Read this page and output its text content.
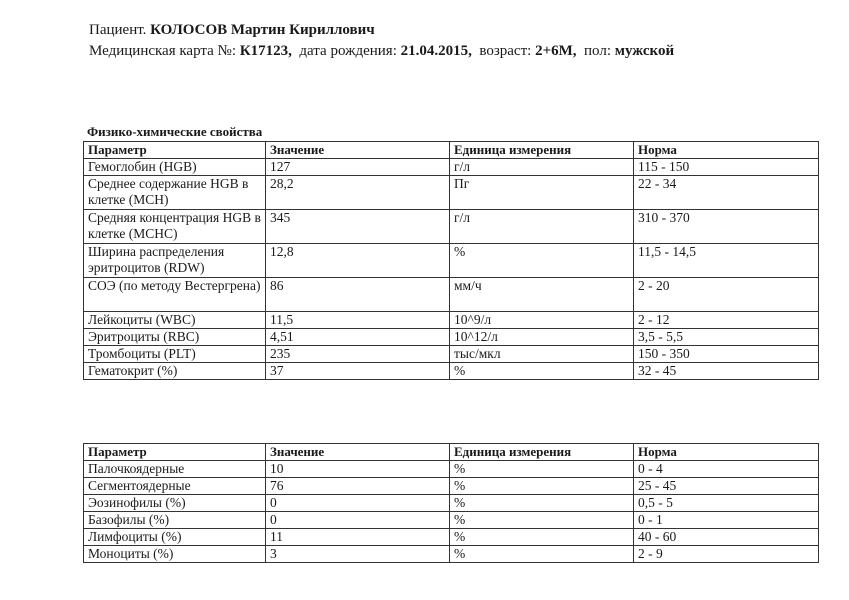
Пациент. КОЛОСОВ Мартин Кириллович
Медицинская карта №: К17123, дата рождения: 21.04.2015, возраст: 2+6М, пол: мужской
Физико-химические свойства
Параметр	Значение	Единица измерения	Норма
Гемоглобин (HGB)	127	г/л	115 - 150
Среднее содержание HGB в клетке (MCH)	28,2	Пг	22 - 34
Средняя концентрация HGB в клетке (MCHC)	345	г/л	310 - 370
Ширина распределения эритроцитов (RDW)	12,8	%	11,5 - 14,5
СОЭ (по методу Вестергрена)	86	мм/ч	2 - 20
Лейкоциты (WBC)	11,5	10^9/л	2 - 12
Эритроциты (RBC)	4,51	10^12/л	3,5 - 5,5
Тромбоциты (PLT)	235	тыс/мкл	150 - 350
Гематокрит (%)	37	%	32 - 45
Параметр	Значение	Единица измерения	Норма
Палочкоядерные	10	%	0 - 4
Сегментоядерные	76	%	25 - 45
Эозинофилы (%)	0	%	0,5 - 5
Базофилы (%)	0	%	0 - 1
Лимфоциты (%)	11	%	40 - 60
Моноциты (%)	3	%	2 - 9
